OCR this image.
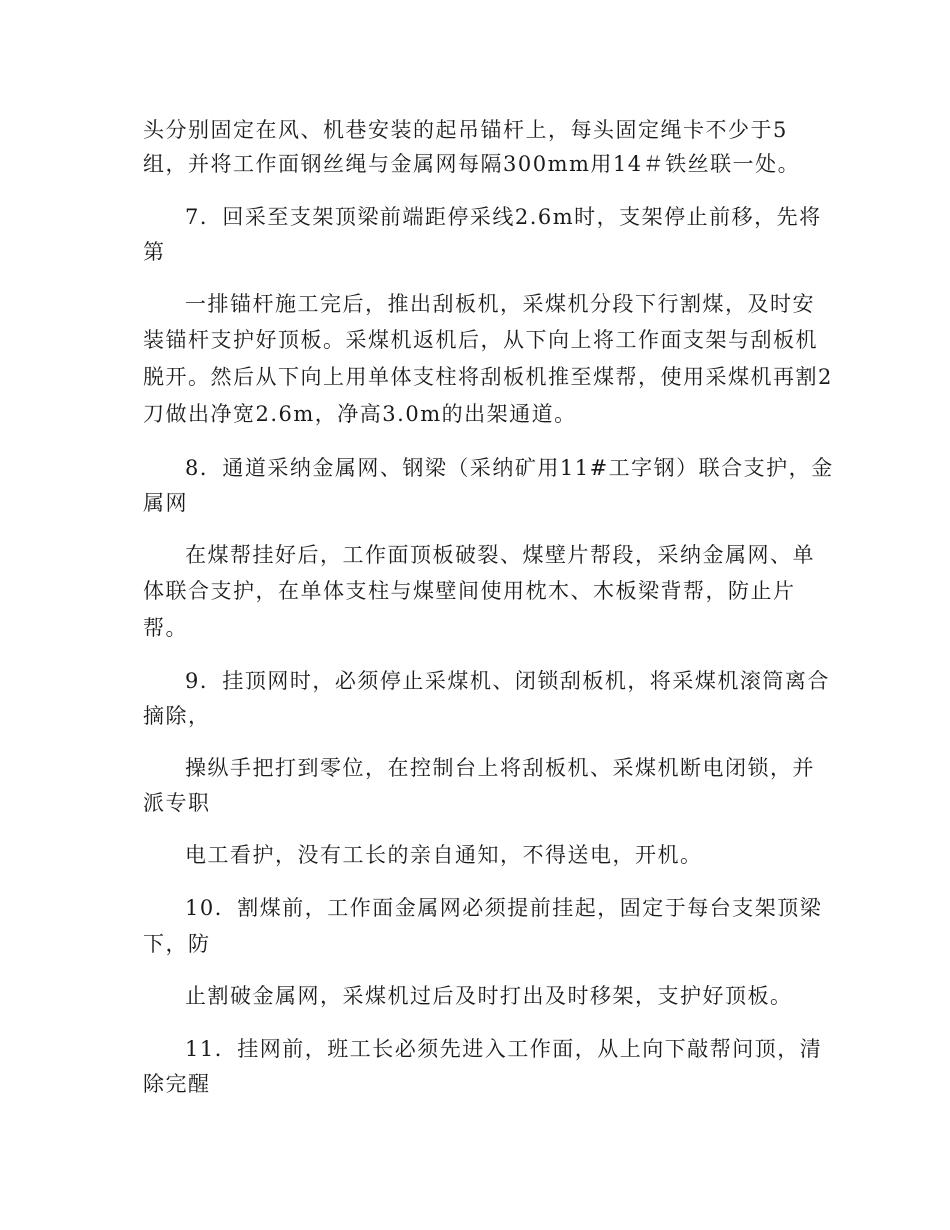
头分别固定在风、机巷安装的起吊锚杆上，每头固定绳卡不少于5
组，并将工作面钢丝绳与金属网每隔300mm用14＃铁丝联一处。
7．回采至支架顶梁前端距停采线2.6m时，支架停止前移，先将
第
一排锚杆施工完后，推出刮板机，采煤机分段下行割煤，及时安
装锚杆支护好顶板。采煤机返机后，从下向上将工作面支架与刮板机
脱开。然后从下向上用单体支柱将刮板机推至煤帮，使用采煤机再割2
刀做出净宽2.6m，净高3.0m的出架通道。
8．通道采纳金属网、钢梁（采纳矿用11#工字钢）联合支护，金
属网
在煤帮挂好后，工作面顶板破裂、煤壁片帮段，采纳金属网、单
体联合支护，在单体支柱与煤壁间使用枕木、木板梁背帮，防止片
帮。
9．挂顶网时，必须停止采煤机、闭锁刮板机，将采煤机滚筒离合
摘除，
操纵手把打到零位，在控制台上将刮板机、采煤机断电闭锁，并
派专职
电工看护，没有工长的亲自通知，不得送电，开机。
10．割煤前，工作面金属网必须提前挂起，固定于每台支架顶梁
下，防
止割破金属网，采煤机过后及时打出及时移架，支护好顶板。
11．挂网前，班工长必须先进入工作面，从上向下敲帮问顶，清
除完醒
